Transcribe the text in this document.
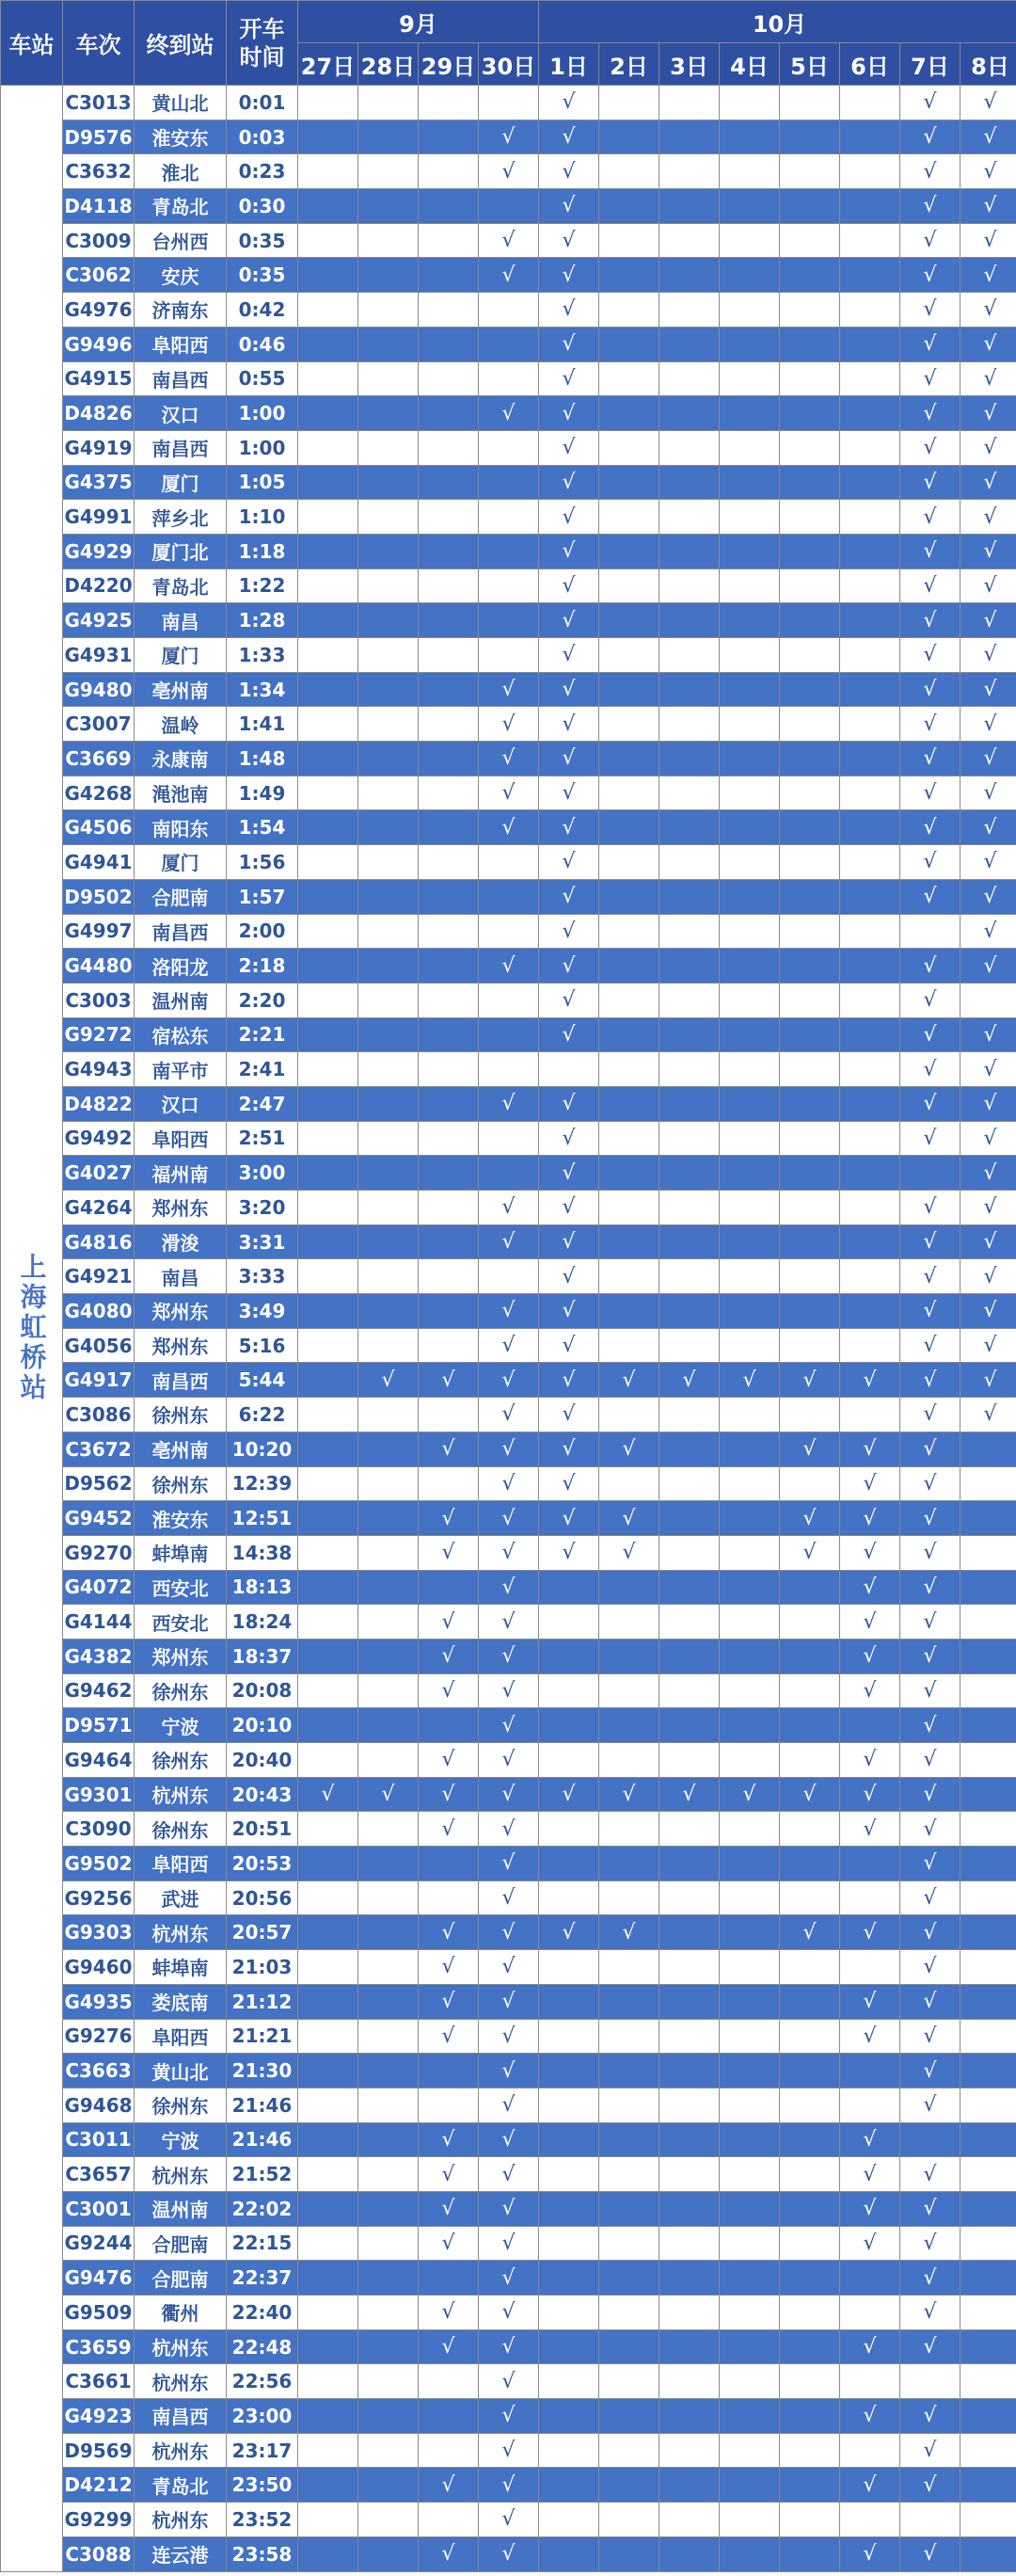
车站	车次	终到站	开车
时间	9月				10月							
				27日	28日	29日	30日	1日	2日	3日	4日	5日	6日	7日	8日
上海虹桥站	C3013	黄山北	0:01					√						√	√
	D9576	淮安东	0:03				√	√						√	√
	C3632	淮北	0:23				√	√						√	√
	D4118	青岛北	0:30					√						√	√
	C3009	台州西	0:35				√	√						√	√
	C3062	安庆	0:35				√	√						√	√
	G4976	济南东	0:42					√						√	√
	G9496	阜阳西	0:46					√						√	√
	G4915	南昌西	0:55					√						√	√
	D4826	汉口	1:00				√	√						√	√
	G4919	南昌西	1:00					√						√	√
	G4375	厦门	1:05					√						√	√
	G4991	萍乡北	1:10					√						√	√
	G4929	厦门北	1:18					√						√	√
	D4220	青岛北	1:22					√						√	√
	G4925	南昌	1:28					√						√	√
	G4931	厦门	1:33					√						√	√
	G9480	亳州南	1:34				√	√						√	√
	C3007	温岭	1:41				√	√						√	√
	C3669	永康南	1:48				√	√						√	√
	G4268	渑池南	1:49				√	√						√	√
	G4506	南阳东	1:54				√	√						√	√
	G4941	厦门	1:56					√						√	√
	D9502	合肥南	1:57					√						√	√
	G4997	南昌西	2:00					√							√
	G4480	洛阳龙	2:18				√	√						√	√
	C3003	温州南	2:20					√						√	
	G9272	宿松东	2:21					√						√	√
	G4943	南平市	2:41											√	√
	D4822	汉口	2:47				√	√						√	√
	G9492	阜阳西	2:51					√						√	√
	G4027	福州南	3:00					√							√
	G4264	郑州东	3:20				√	√						√	√
	G4816	滑浚	3:31				√	√						√	√
	G4921	南昌	3:33					√						√	√
	G4080	郑州东	3:49				√	√						√	√
	G4056	郑州东	5:16				√	√						√	√
	G4917	南昌西	5:44		√	√	√	√	√	√	√	√	√	√	√
	C3086	徐州东	6:22				√	√						√	√
	C3672	亳州南	10:20			√	√	√	√			√	√	√	
	D9562	徐州东	12:39				√	√					√	√	
	G9452	淮安东	12:51			√	√	√	√			√	√	√	
	G9270	蚌埠南	14:38			√	√	√	√			√	√	√	
	G4072	西安北	18:13				√						√	√	
	G4144	西安北	18:24			√	√						√	√	
	G4382	郑州东	18:37			√	√						√	√	
	G9462	徐州东	20:08			√	√						√	√	
	D9571	宁波	20:10				√							√	
	G9464	徐州东	20:40			√	√						√	√	
	G9301	杭州东	20:43	√	√	√	√	√	√	√	√	√	√	√	
	C3090	徐州东	20:51			√	√						√	√	
	G9502	阜阳西	20:53				√							√	
	G9256	武进	20:56				√							√	
	G9303	杭州东	20:57			√	√	√	√			√	√	√	
	G9460	蚌埠南	21:03			√	√							√	
	G4935	娄底南	21:12			√	√						√	√	
	G9276	阜阳西	21:21			√	√						√	√	
	C3663	黄山北	21:30				√							√	
	G9468	徐州东	21:46				√							√	
	C3011	宁波	21:46			√	√						√		
	C3657	杭州东	21:52			√	√						√	√	
	C3001	温州南	22:02			√	√						√	√	
	G9244	合肥南	22:15			√	√						√	√	
	G9476	合肥南	22:37				√							√	
	G9509	衢州	22:40			√	√							√	
	C3659	杭州东	22:48			√	√						√	√	
	C3661	杭州东	22:56				√								
	G4923	南昌西	23:00				√						√	√	
	D9569	杭州东	23:17				√							√	
	D4212	青岛北	23:50			√	√						√	√	
	G9299	杭州东	23:52				√								
	C3088	连云港	23:58			√	√						√	√	
